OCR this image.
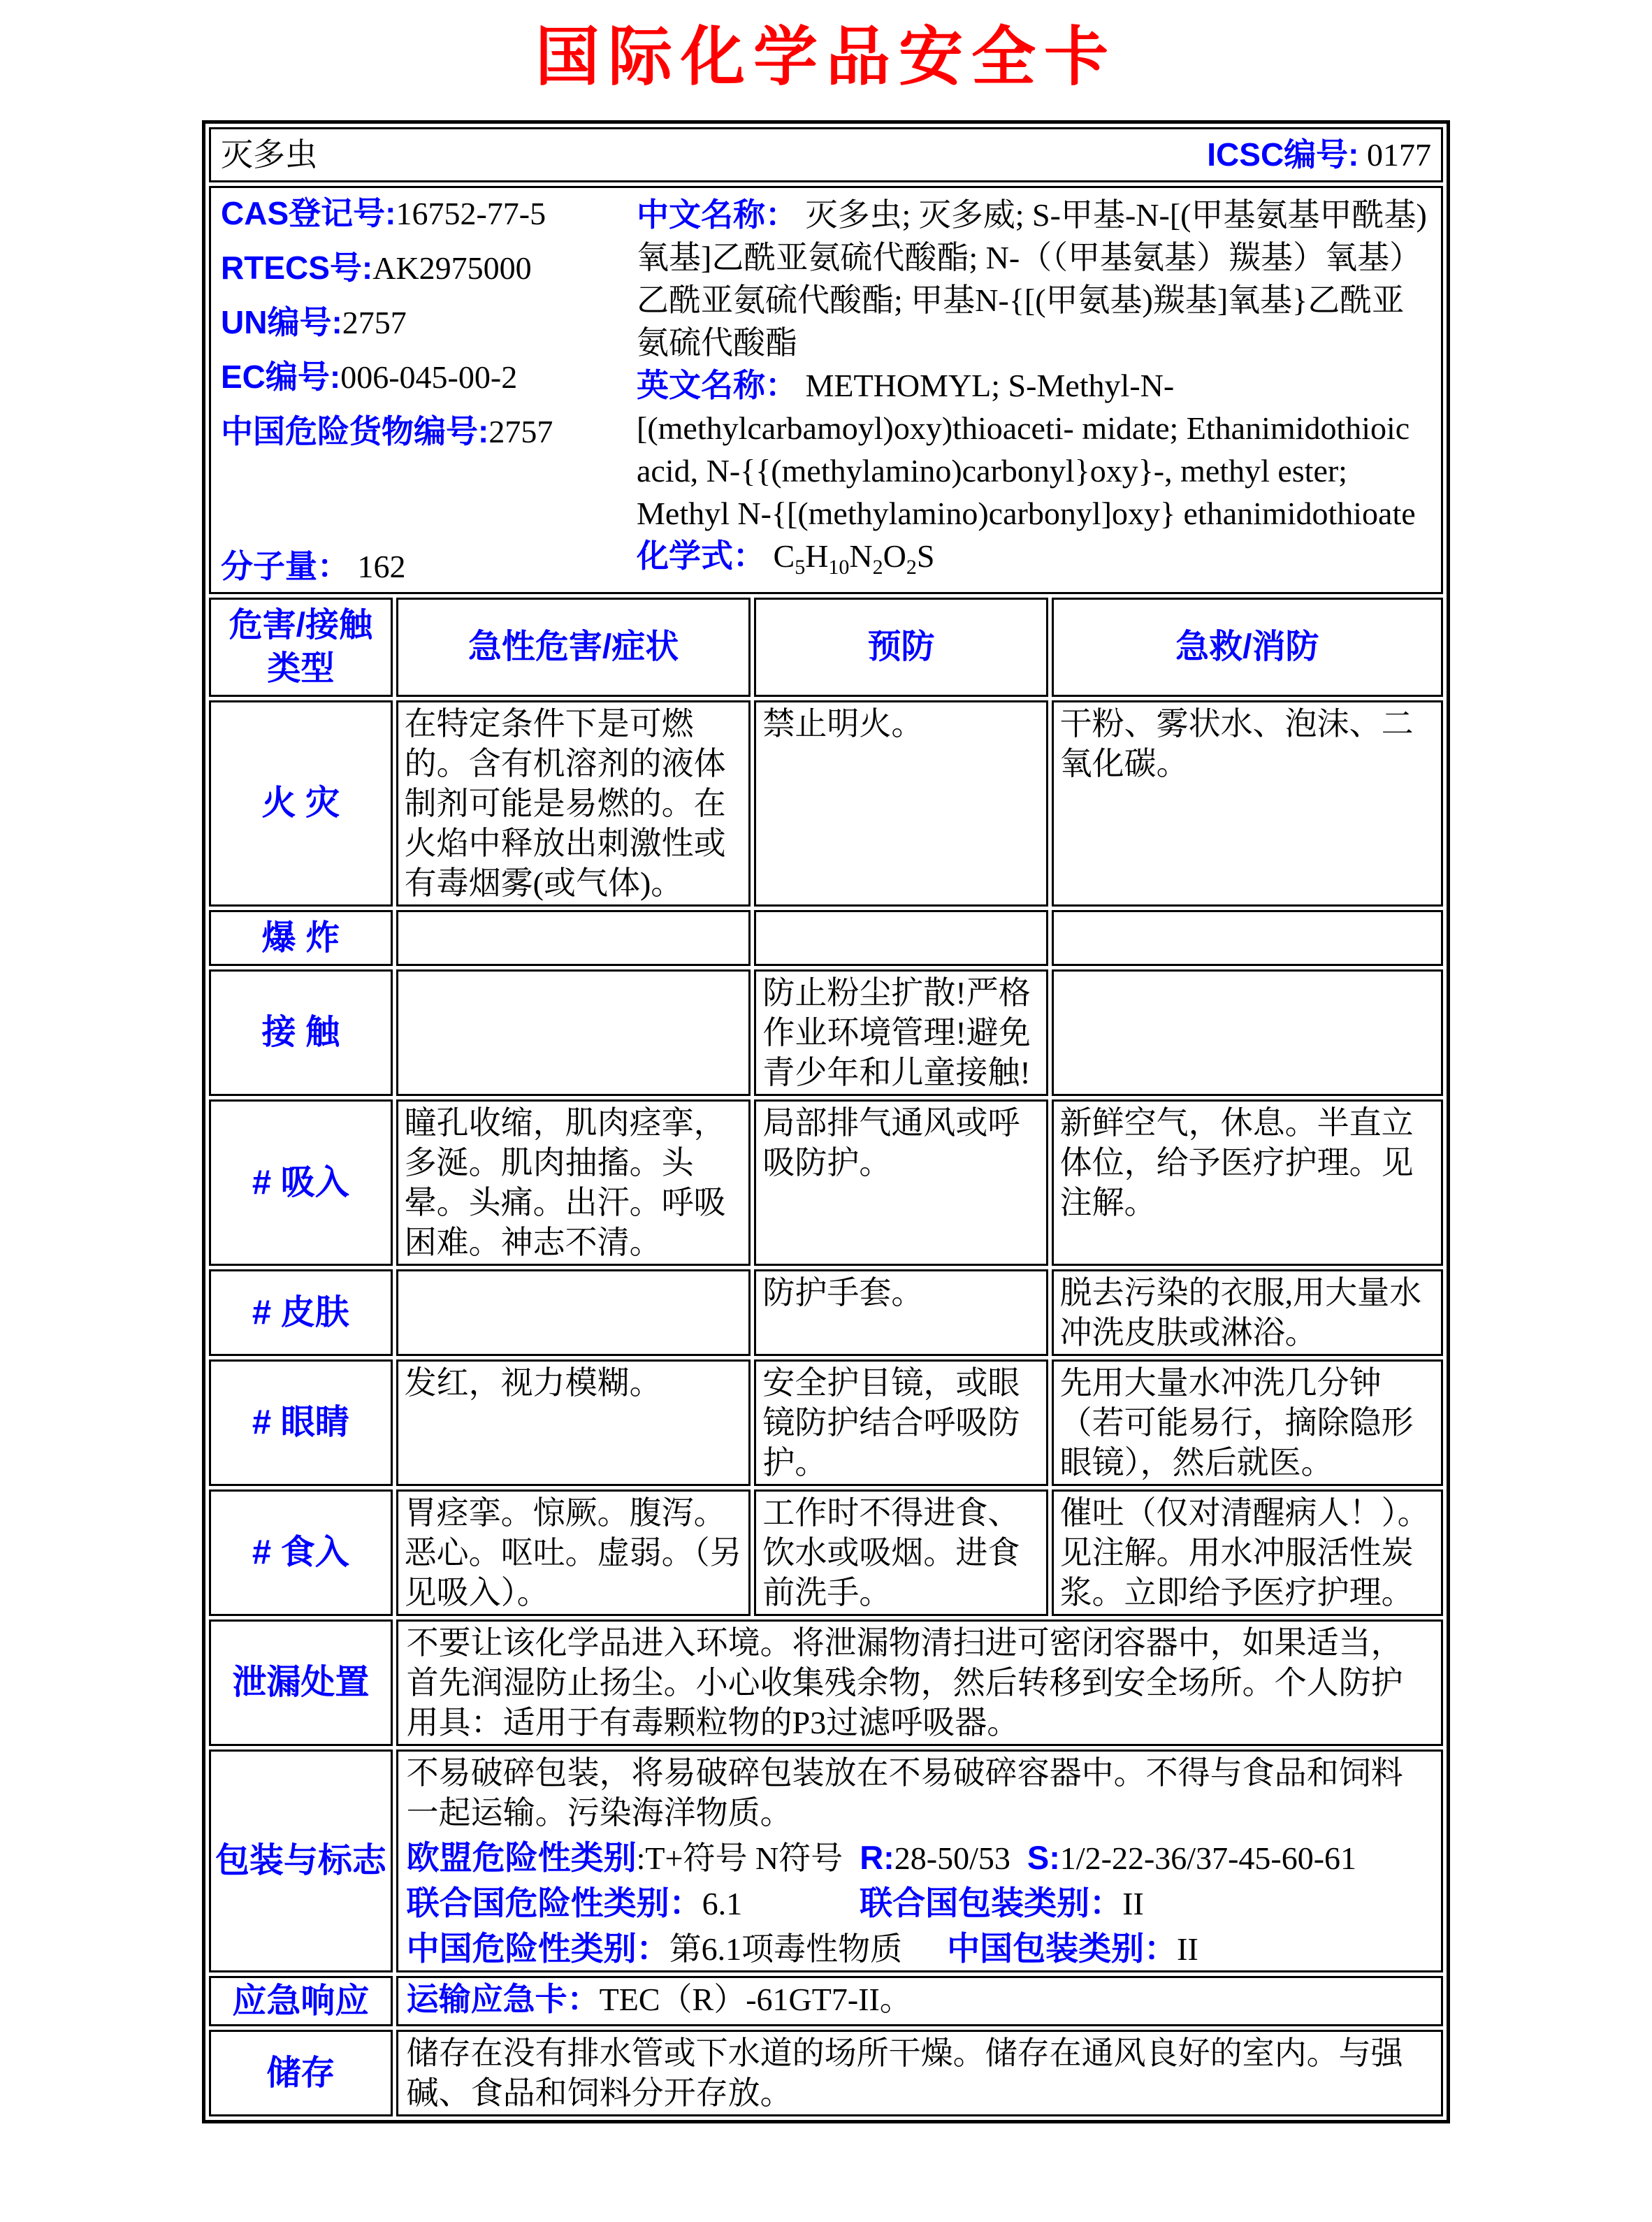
国际化学品安全卡
灭多虫 ICSC编号: 0177			

CAS登记号:16752-77-5
RTECS号:AK2975000
UN编号:2757
EC编号:006-045-00-2
中国危险货物编号:2757
分子量： 162

中文名称： 灭多虫; 灭多威; S-甲基-N-[(甲基氨基甲酰基)氧基]乙酰亚氨硫代酸酯; N-（（甲基氨基）羰基）氧基）乙酰亚氨硫代酸酯; 甲基N-{[(甲氨基)羰基]氧基}乙酰亚氨硫代酸酯

英文名称： METHOMYL; S-Methyl-N-[(methylcarbamoyl)oxy)thioaceti- midate; Ethanimidothioic acid, N-{{(methylamino)carbonyl}oxy}-, methyl ester; Methyl N-{[(methylamino)carbonyl]oxy} ethanimidothioate

化学式： $C_5H_{10}N_2O_2S$

危害/接触类型	急性危害/症状	预防	急救/消防
火 灾	在特定条件下是可燃的。含有机溶剂的液体制剂可能是易燃的。在火焰中释放出刺激性或有毒烟雾(或气体)。	禁止明火。	干粉、雾状水、泡沫、二氧化碳。
爆 炸			
接 触		防止粉尘扩散!严格作业环境管理!避免青少年和儿童接触!	
# 吸入	瞳孔收缩，肌肉痉挛，多涎。肌肉抽搐。头晕。头痛。出汗。呼吸困难。神志不清。	局部排气通风或呼吸防护。	新鲜空气，休息。半直立体位，给予医疗护理。见注解。
# 皮肤		防护手套。	脱去污染的衣服,用大量水冲洗皮肤或淋浴。
# 眼睛	发红，视力模糊。	安全护目镜，或眼镜防护结合呼吸防护。	先用大量水冲洗几分钟（若可能易行，摘除隐形眼镜），然后就医。
# 食入	胃痉挛。惊厥。腹泻。恶心。呕吐。虚弱。（另见吸入）。	工作时不得进食、饮水或吸烟。进食前洗手。	催吐（仅对清醒病人！）。见注解。用水冲服活性炭浆。立即给予医疗护理。
泄漏处置	不要让该化学品进入环境。将泄漏物清扫进可密闭容器中，如果适当，首先润湿防止扬尘。小心收集残余物，然后转移到安全场所。个人防护用具：适用于有毒颗粒物的P3过滤呼吸器。		
包装与标志	不易破碎包装，将易破碎包装放在不易破碎容器中。不得与食品和饲料一起运输。污染海洋物质。
欧盟危险性类别:T+符号 N符号 R:28-50/53 S:1/2-22-36/37-45-60-61
联合国危险性类别：6.1 联合国包装类别：II
中国危险性类别：第6.1项毒性物质 中国包装类别：II		

应急响应	运输应急卡：TEC（R）-61GT7-II。		
储存	储存在没有排水管或下水道的场所干燥。储存在通风良好的室内。与强碱、食品和饲料分开存放。		
